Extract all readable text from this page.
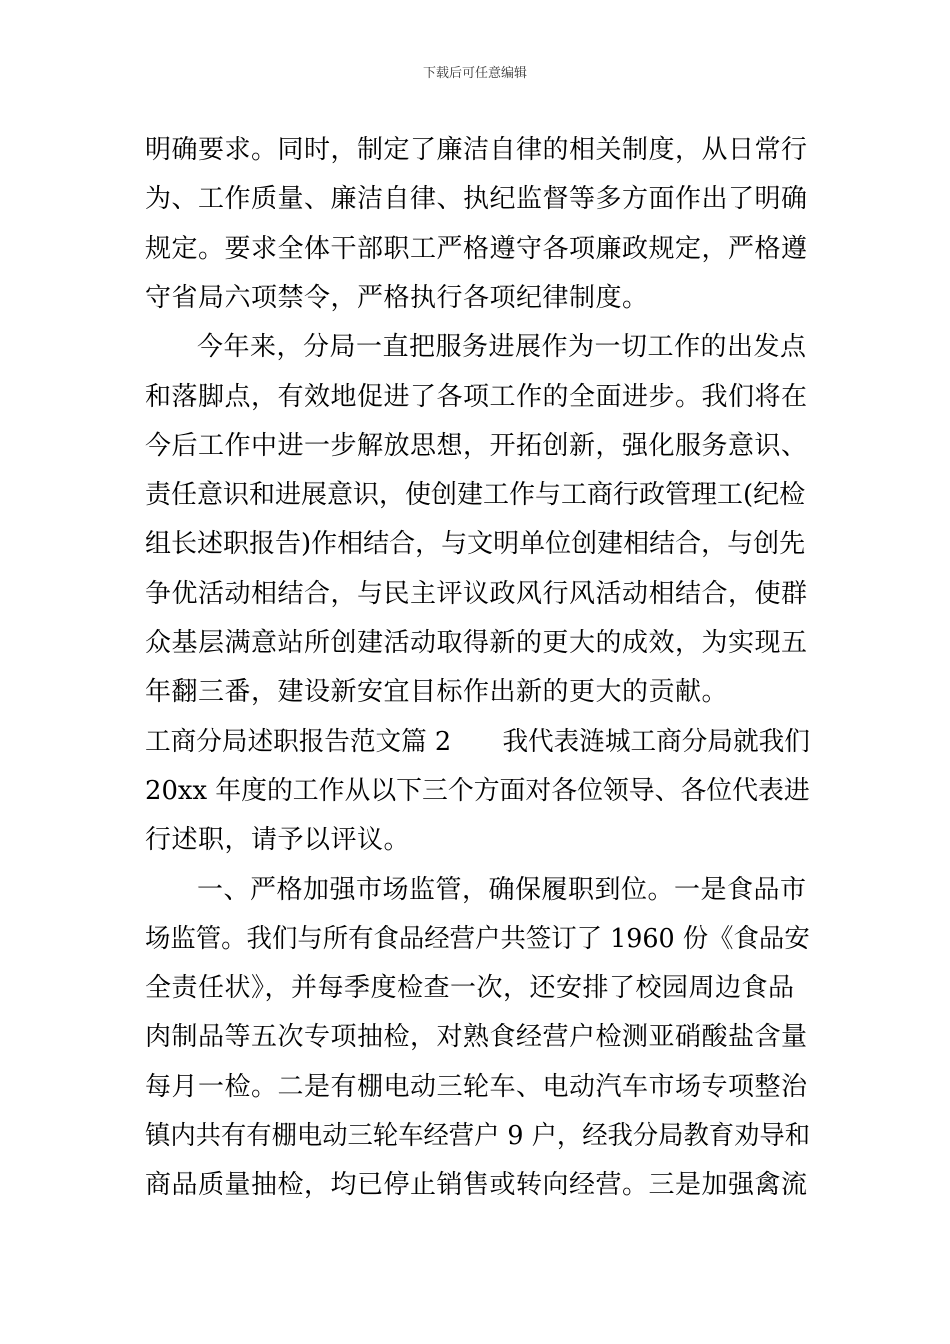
下载后可任意编辑
明确要求。同时，制定了廉洁自律的相关制度，从日常行
为、工作质量、廉洁自律、执纪监督等多方面作出了明确
规定。要求全体干部职工严格遵守各项廉政规定，严格遵
守省局六项禁令，严格执行各项纪律制度。
今年来，分局一直把服务进展作为一切工作的出发点
和落脚点，有效地促进了各项工作的全面进步。我们将在
今后工作中进一步解放思想，开拓创新，强化服务意识、
责任意识和进展意识，使创建工作与工商行政管理工(纪检
组长述职报告)作相结合，与文明单位创建相结合，与创先
争优活动相结合，与民主评议政风行风活动相结合，使群
众基层满意站所创建活动取得新的更大的成效，为实现五
年翻三番，建设新安宜目标作出新的更大的贡献。
工商分局述职报告范文篇 2　　我代表涟城工商分局就我们
20xx 年度的工作从以下三个方面对各位领导、各位代表进
行述职，请予以评议。
一、严格加强市场监管，确保履职到位。一是食品市
场监管。我们与所有食品经营户共签订了 1960 份《食品安
全责任状》，并每季度检查一次，还安排了校园周边食品
肉制品等五次专项抽检，对熟食经营户检测亚硝酸盐含量
每月一检。二是有棚电动三轮车、电动汽车市场专项整治
镇内共有有棚电动三轮车经营户 9 户，经我分局教育劝导和
商品质量抽检，均已停止销售或转向经营。三是加强禽流
